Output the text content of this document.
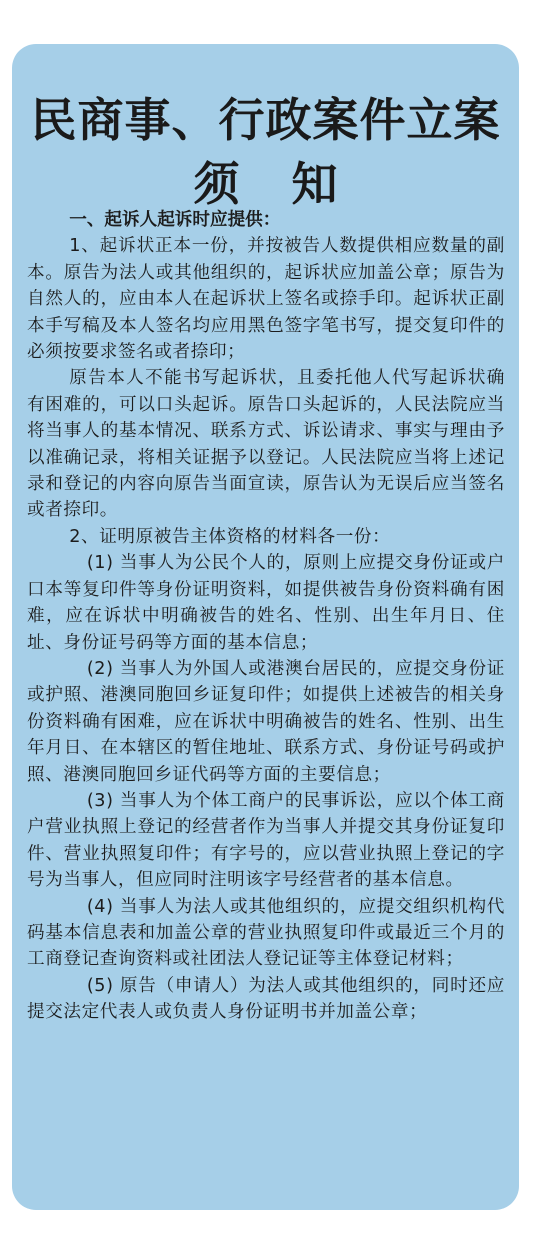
民商事、行政案件立案
须知

一、起诉人起诉时应提供：

1、起诉状正本一份，并按被告人数提供相应数量的副本。原告为法人或其他组织的，起诉状应加盖公章；原告为自然人的，应由本人在起诉状上签名或捺手印。起诉状正副本手写稿及本人签名均应用黑色签字笔书写，提交复印件的必须按要求签名或者捺印；

原告本人不能书写起诉状，且委托他人代写起诉状确有困难的，可以口头起诉。原告口头起诉的，人民法院应当将当事人的基本情况、联系方式、诉讼请求、事实与理由予以准确记录，将相关证据予以登记。人民法院应当将上述记录和登记的内容向原告当面宣读，原告认为无误后应当签名或者捺印。

2、证明原被告主体资格的材料各一份：

(1) 当事人为公民个人的，原则上应提交身份证或户口本等复印件等身份证明资料，如提供被告身份资料确有困难，应在诉状中明确被告的姓名、性别、出生年月日、住址、身份证号码等方面的基本信息；

(2) 当事人为外国人或港澳台居民的，应提交身份证或护照、港澳同胞回乡证复印件；如提供上述被告的相关身份资料确有困难，应在诉状中明确被告的姓名、性别、出生年月日、在本辖区的暂住地址、联系方式、身份证号码或护照、港澳同胞回乡证代码等方面的主要信息；

(3) 当事人为个体工商户的民事诉讼，应以个体工商户营业执照上登记的经营者作为当事人并提交其身份证复印件、营业执照复印件；有字号的，应以营业执照上登记的字号为当事人，但应同时注明该字号经营者的基本信息。

(4) 当事人为法人或其他组织的，应提交组织机构代码基本信息表和加盖公章的营业执照复印件或最近三个月的工商登记查询资料或社团法人登记证等主体登记材料；

(5) 原告（申请人）为法人或其他组织的，同时还应提交法定代表人或负责人身份证明书并加盖公章；
